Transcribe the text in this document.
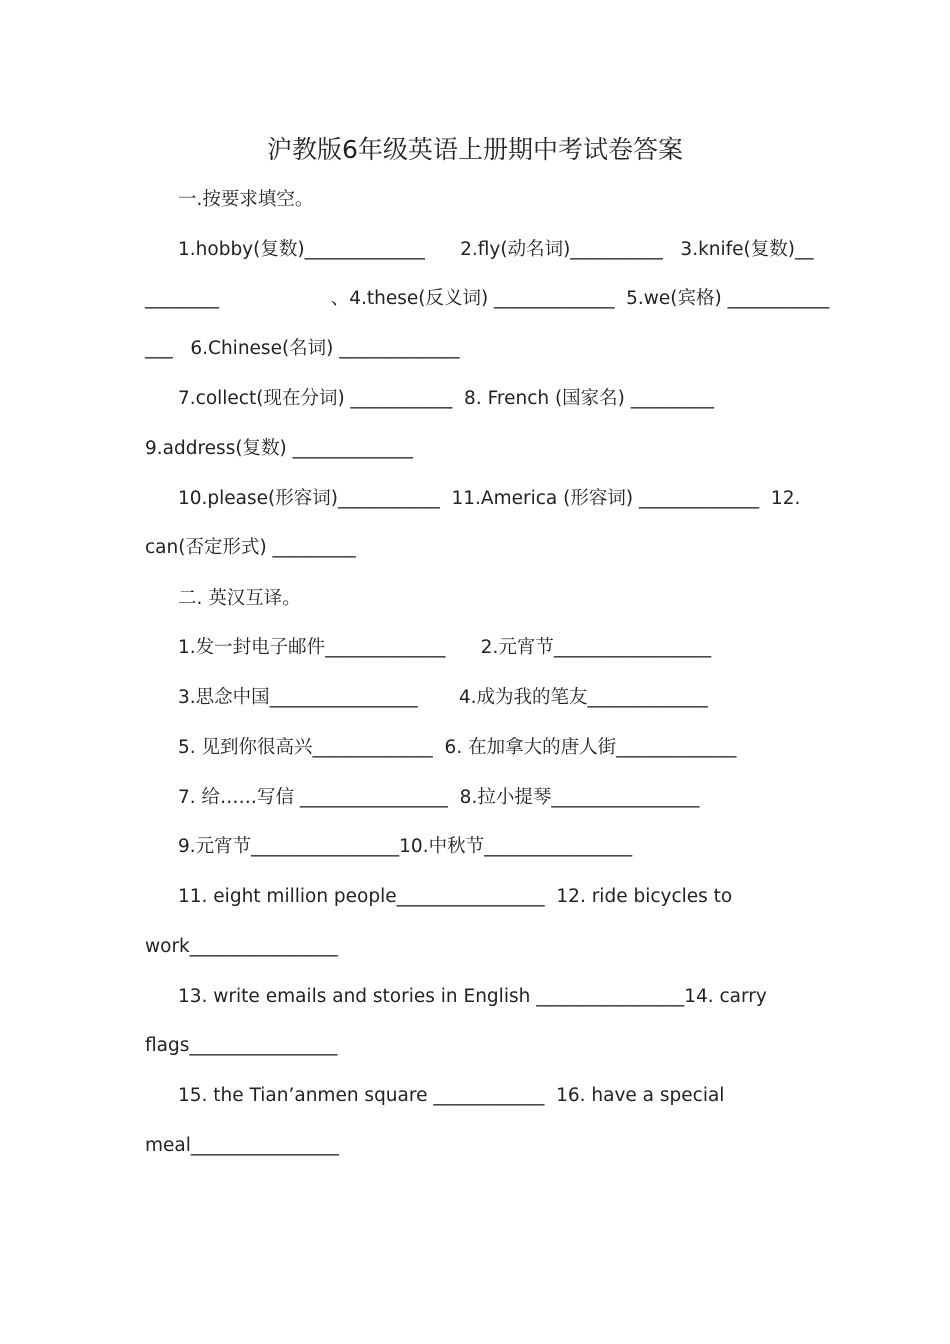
沪教版6年级英语上册期中考试卷答案
一.按要求填空。
1.hobby(复数)_____________      2.fly(动名词)__________   3.knife(复数)__
________                   、4.these(反义词) _____________  5.we(宾格) ___________
___   6.Chinese(名词) _____________
7.collect(现在分词) ___________  8. French (国家名) _________
9.address(复数) _____________
10.please(形容词)___________  11.America (形容词) _____________  12.
can(否定形式) _________
二. 英汉互译。
1.发一封电子邮件_____________      2.元宵节_________________
3.思念中国________________       4.成为我的笔友_____________
5. 见到你很高兴_____________  6. 在加拿大的唐人街_____________
7. 给……写信 ________________  8.拉小提琴________________
9.元宵节________________10.中秋节________________
11. eight million people________________  12. ride bicycles to
work________________
13. write emails and stories in English ________________14. carry
flags________________
15. the Tian’anmen square ____________  16. have a special
meal________________
